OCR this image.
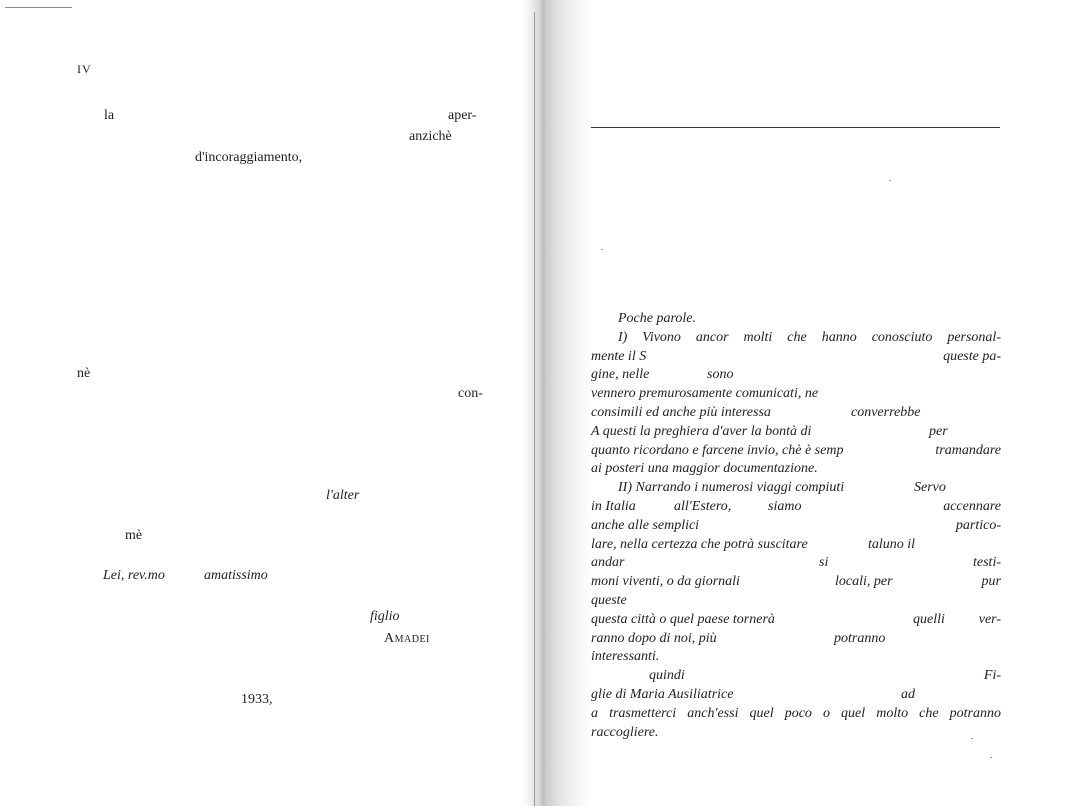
IV
la	aper-
anzichè
d'incoraggiamento,
nè
con-
l'alter
mè
Lei, rev.mo	amatissimo
figlio
Amadei
1933,
Poche parole.
I) Vivono ancor molti che hanno conosciuto personal-
mente il S	queste pa-
gine, nelle	sono
vennero premurosamente comunicati, ne
consimili ed anche più interessa	converrebbe
A questi la preghiera d'aver la bontà di	per
quanto ricordano e farcene invio, chè è semp	tramandare
ai posteri una maggior documentazione.
II) Narrando i numerosi viaggi compiuti	Servo
in Italia	all'Estero,	siamo	accennare
anche alle semplici	partico-
lare, nella certezza che potrà suscitare	taluno il
andar	si	testi-
moni viventi, o da giornali	locali, per	pur
queste
questa città o quel paese tornerà	quelli ver-
ranno dopo di noi, più	potranno
interessanti.
quindi	Fi-
glie di Maria Ausiliatrice	ad
a trasmetterci anch'essi quel poco o quel molto che potranno
raccogliere.
